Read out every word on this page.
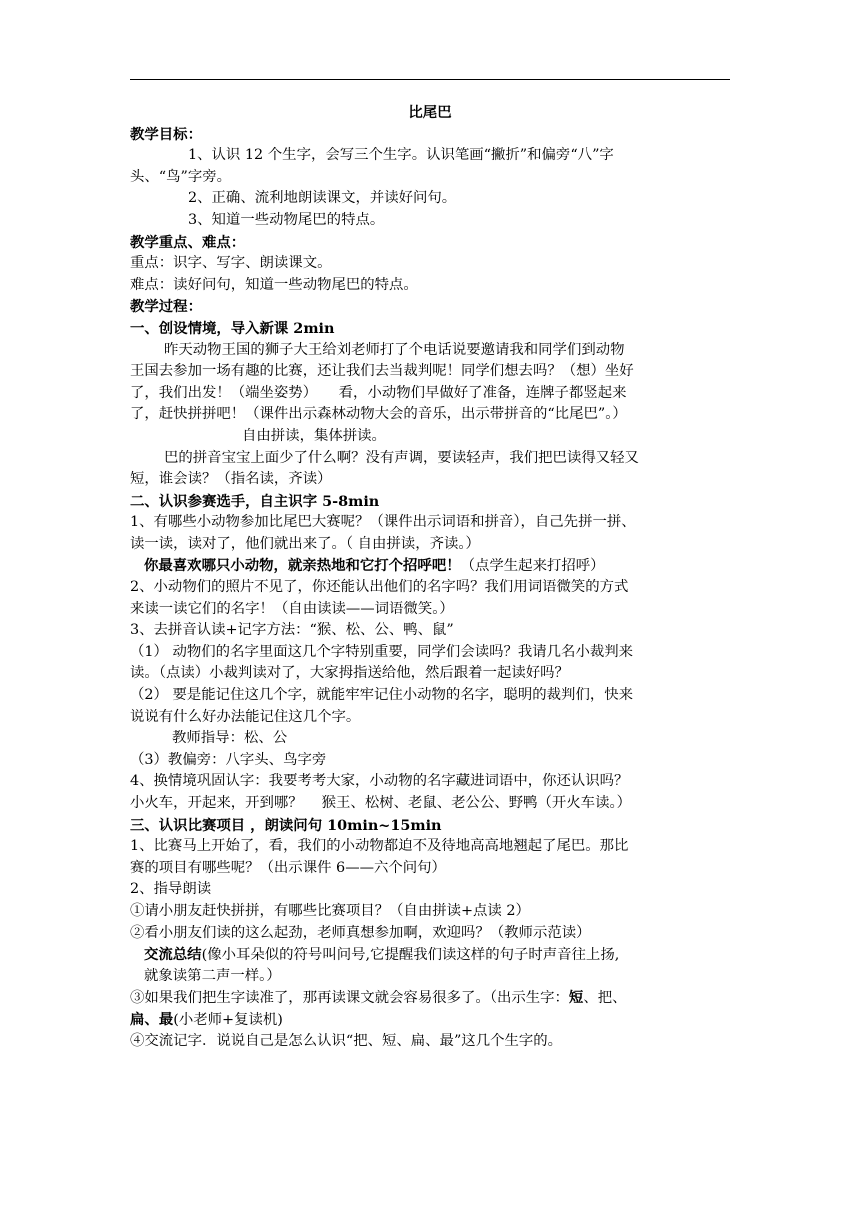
比尾巴
教学目标：
1、认识 12 个生字，会写三个生字。认识笔画“撇折”和偏旁“八”字
头、“鸟”字旁。
2、正确、流利地朗读课文，并读好问句。
3、知道一些动物尾巴的特点。
教学重点、难点：
重点：识字、写字、朗读课文。
难点：读好问句，知道一些动物尾巴的特点。
教学过程：
一、创设情境，导入新课 2min
昨天动物王国的狮子大王给刘老师打了个电话说要邀请我和同学们到动物
王国去参加一场有趣的比赛，还让我们去当裁判呢！同学们想去吗？（想）坐好
了，我们出发！（端坐姿势）　　看，小动物们早做好了准备，连牌子都竖起来
了，赶快拼拼吧！（课件出示森林动物大会的音乐，出示带拼音的“比尾巴”。）
自由拼读，集体拼读。
巴的拼音宝宝上面少了什么啊？没有声调，要读轻声，我们把巴读得又轻又
短，谁会读？（指名读，齐读）
二、认识参赛选手，自主识字 5-8min
1、有哪些小动物参加比尾巴大赛呢？（课件出示词语和拼音），自己先拼一拼、
读一读，读对了，他们就出来了。（ 自由拼读，齐读。）
你最喜欢哪只小动物，就亲热地和它打个招呼吧！（点学生起来打招呼）
2、小动物们的照片不见了，你还能认出他们的名字吗？我们用词语微笑的方式
来读一读它们的名字！（自由读读——词语微笑。）
3、去拼音认读+记字方法：“猴、松、公、鸭、鼠”
（1） 动物们的名字里面这几个字特别重要，同学们会读吗？我请几名小裁判来
读。（点读）小裁判读对了，大家拇指送给他，然后跟着一起读好吗？
（2） 要是能记住这几个字，就能牢牢记住小动物的名字，聪明的裁判们，快来
说说有什么好办法能记住这几个字。
教师指导：松、公
（3）教偏旁：八字头、鸟字旁
4、换情境巩固认字：我要考考大家，小动物的名字藏进词语中，你还认识吗？
小火车，开起来，开到哪？　 猴王、松树、老鼠、老公公、野鸭（开火车读。）
三、认识比赛项目 ，朗读问句 10min~15min
1、比赛马上开始了，看，我们的小动物都迫不及待地高高地翘起了尾巴。那比
赛的项目有哪些呢？（出示课件 6——六个问句）
2、指导朗读
①请小朋友赶快拼拼，有哪些比赛项目？（自由拼读+点读 2）
②看小朋友们读的这么起劲，老师真想参加啊，欢迎吗？（教师示范读）
交流总结(像小耳朵似的符号叫问号,它提醒我们读这样的句子时声音往上扬,
就象读第二声一样。）
③如果我们把生字读准了，那再读课文就会容易很多了。（出示生字：短、把、
扁、最(小老师+复读机)
④交流记字．说说自己是怎么认识“把、短、扁、最”这几个生字的。
